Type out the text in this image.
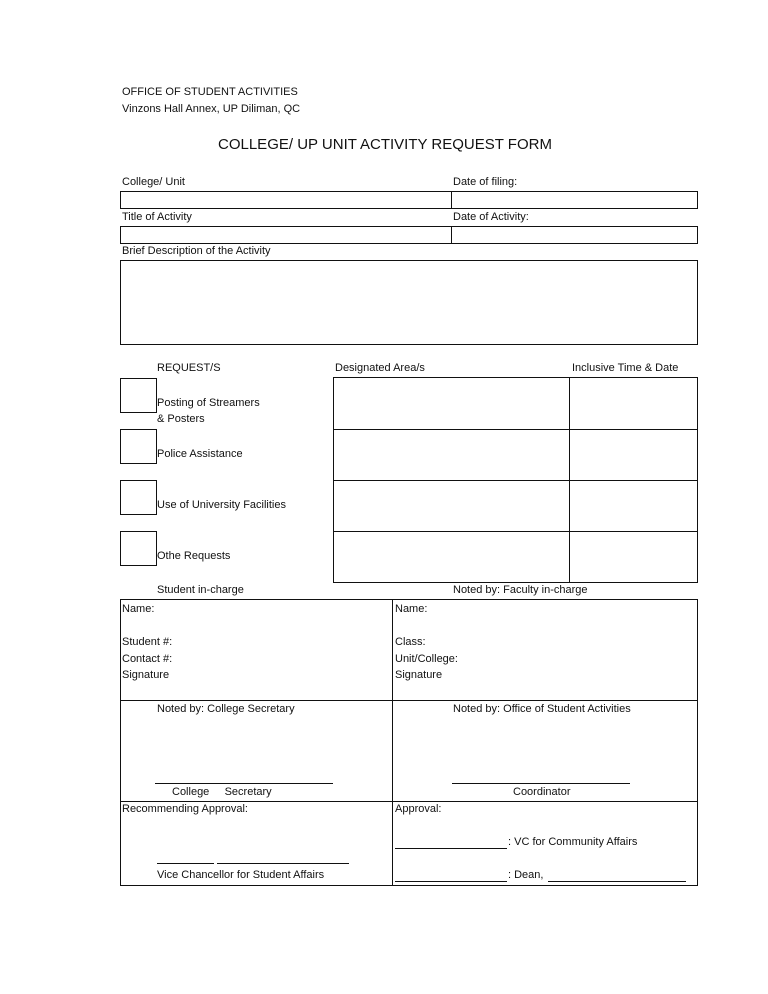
OFFICE OF STUDENT ACTIVITIES
Vinzons Hall Annex, UP Diliman, QC
COLLEGE/ UP UNIT ACTIVITY REQUEST FORM
College/ Unit	Date of filing:
Title of Activity	Date of Activity:
Brief Description of the Activity
REQUEST/S	Designated Area/s	Inclusive Time & Date
Posting of Streamers
& Posters
Police Assistance
Use of University Facilities
Othe Requests
Student in-charge	Noted by: Faculty in-charge
Name:
Student #:
Contact #:
Signature
Name:
Class:
Unit/College:
Signature
Noted by: College Secretary
College     Secretary
Noted by: Office of Student Activities
Coordinator
Recommending Approval:
Vice Chancellor for Student Affairs
Approval:
: VC for Community Affairs
: Dean,
